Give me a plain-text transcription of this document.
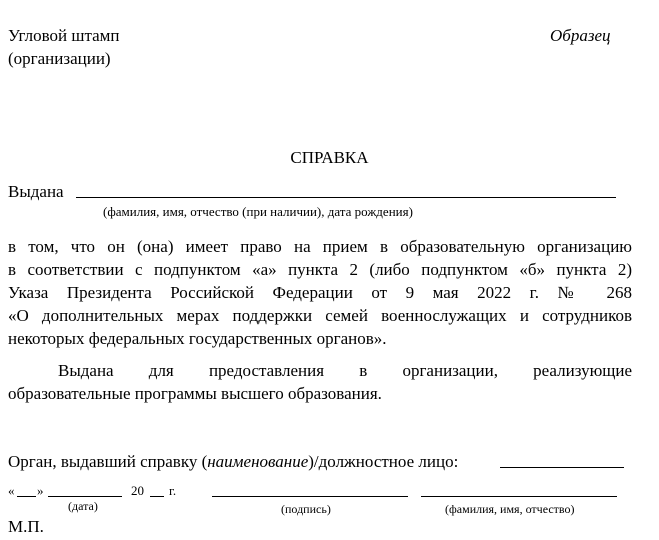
Угловой штамп
(организации)
Образец
СПРАВКА
Выдана
(фамилия, имя, отчество (при наличии), дата рождения)
в том, что он (она) имеет право на прием в образовательную организацию
в соответствии с подпунктом «а» пункта 2 (либо подпунктом «б» пункта 2)
Указа Президента Российской Федерации от 9 мая 2022 г. № 268
«О дополнительных мерах поддержки семей военнослужащих и сотрудников
некоторых федеральных государственных органов».
Выдана для предоставления в организации, реализующие
образовательные программы высшего образования.
Орган, выдавший справку (наименование)/должностное лицо:
« »	20 г.
(дата)	(подпись)	(фамилия, имя, отчество)
М.П.
